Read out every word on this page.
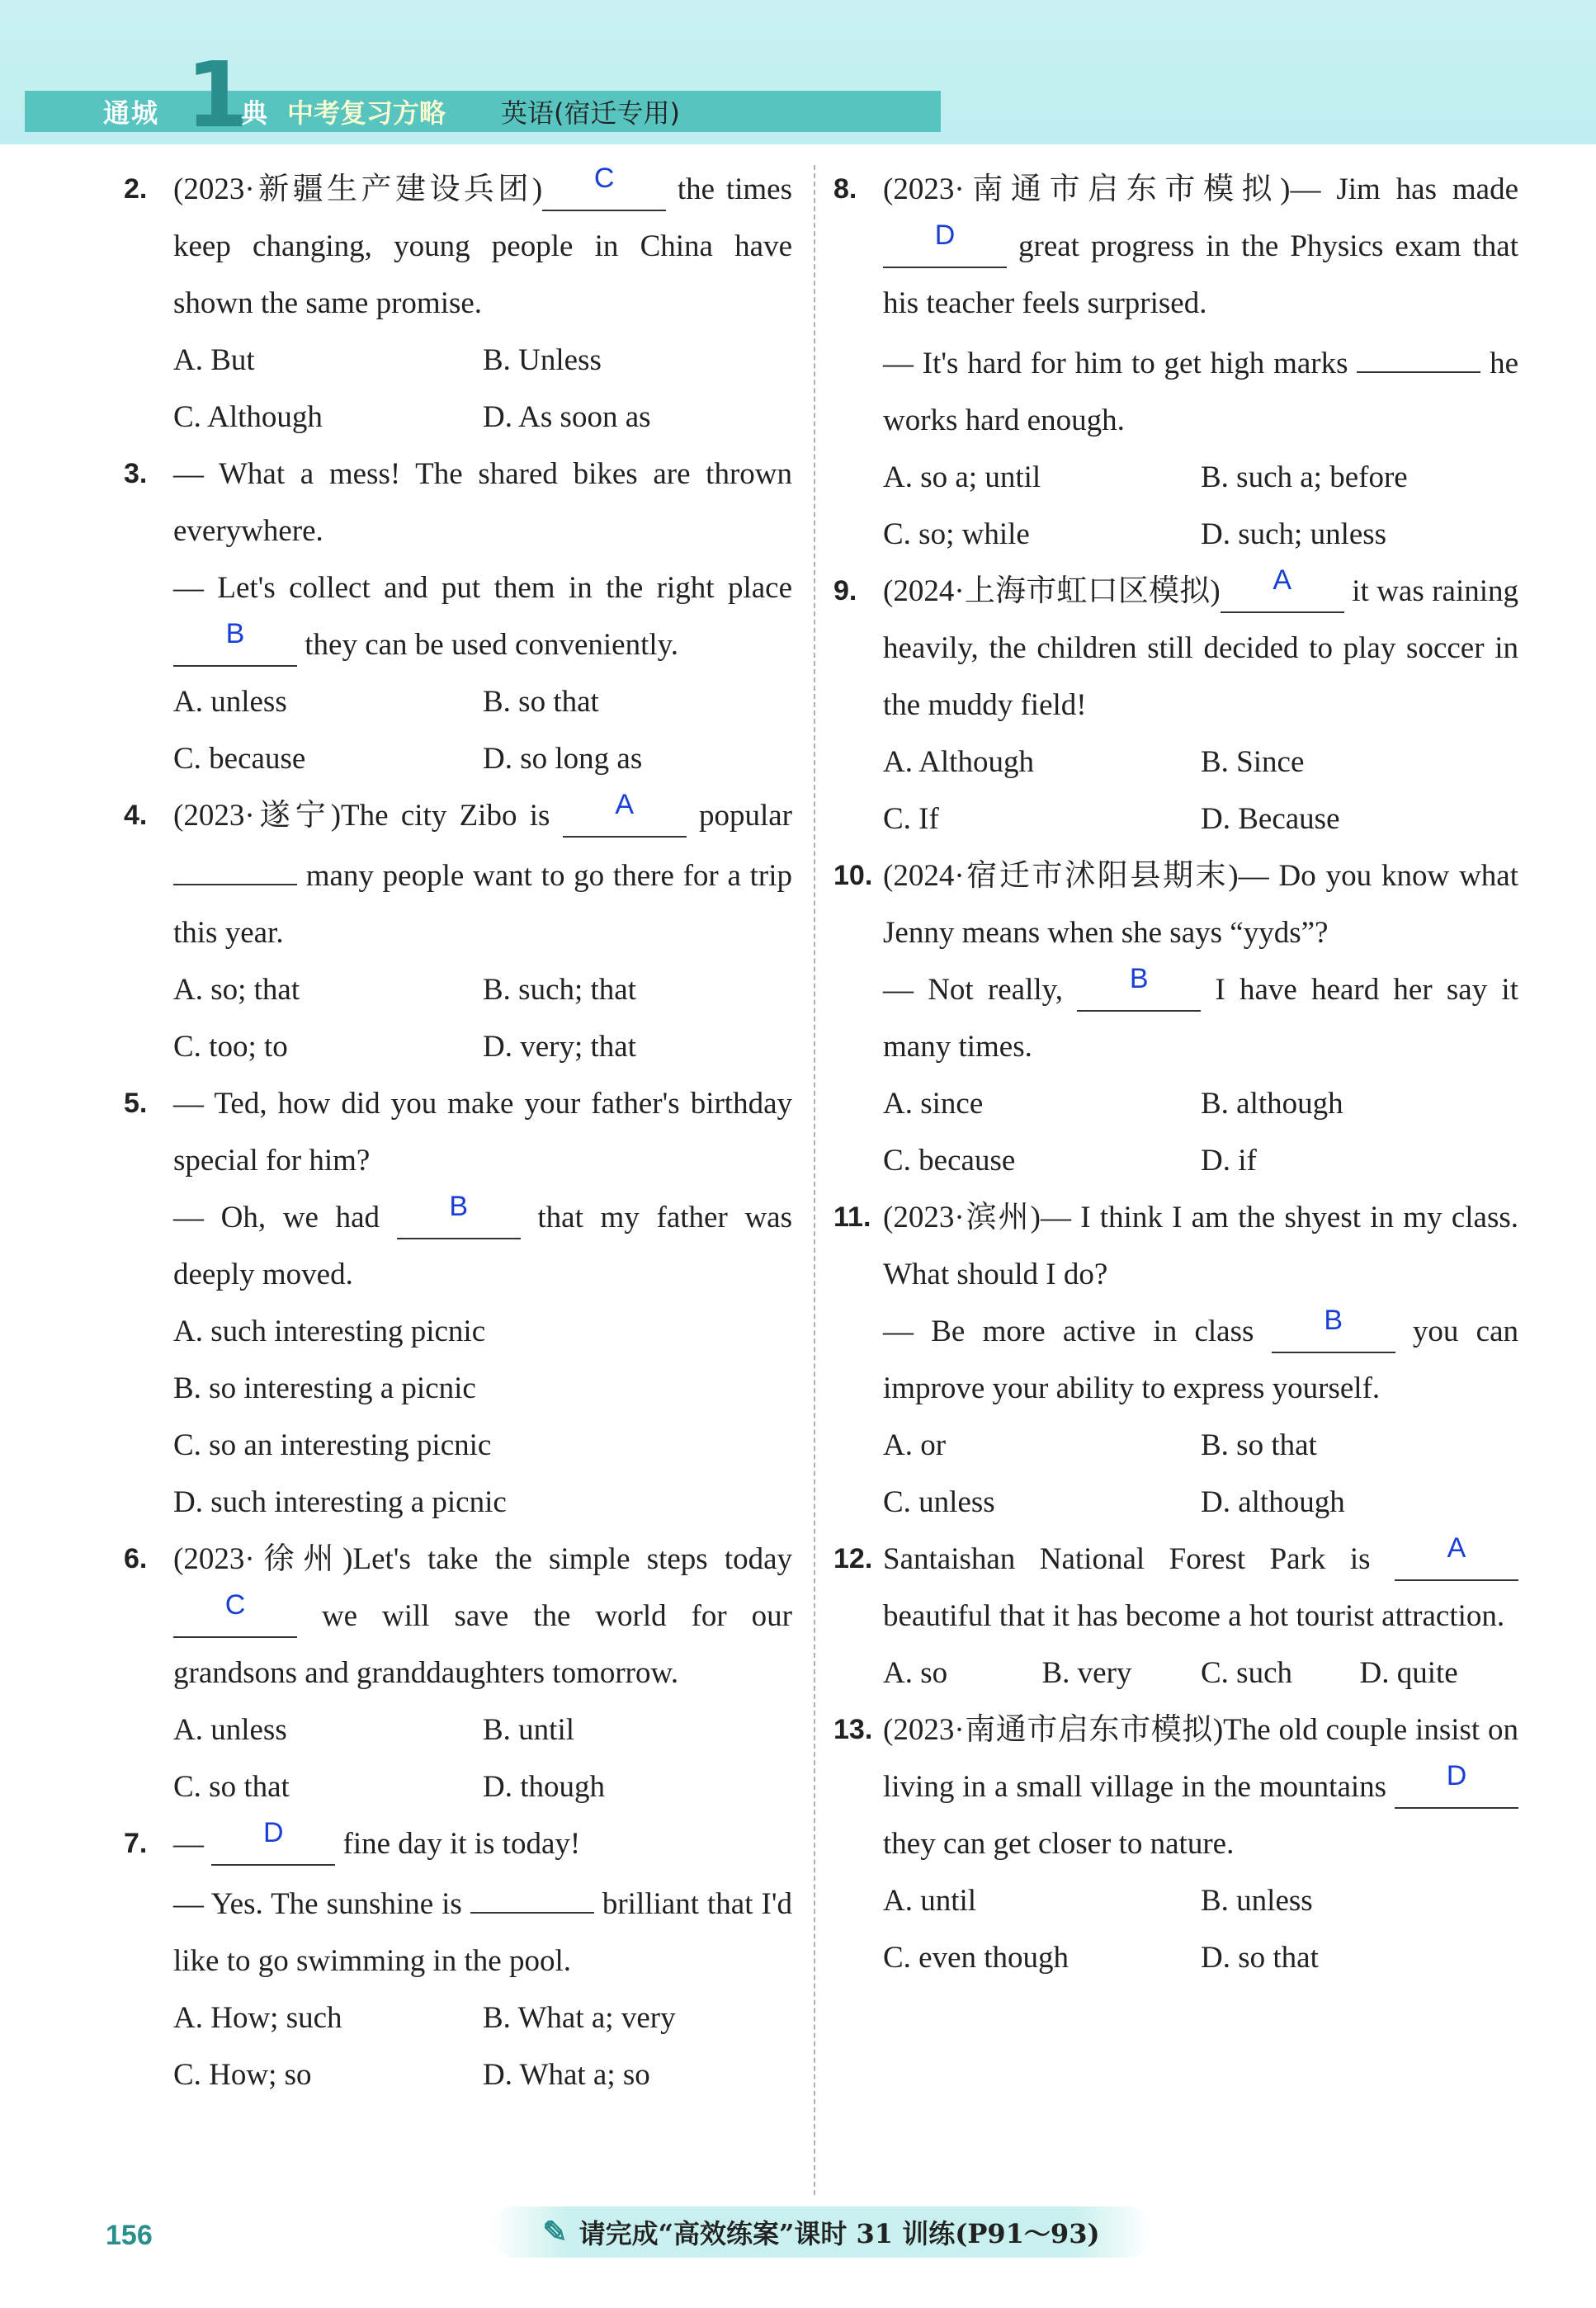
通城 1
典 中考复习方略 英语(宿迁专用)
2. (2023·新疆生产建设兵团) C the times keep changing, young people in China have shown the same promise.
A. But	B. Unless
C. Although	D. As soon as
3. — What a mess! The shared bikes are thrown everywhere.
— Let's collect and put them in the right place B they can be used conveniently.
A. unless	B. so that
C. because	D. so long as
4. (2023·遂宁)The city Zibo is A popular  many people want to go there for a trip this year.
A. so; that	B. such; that
C. too; to	D. very; that
5. — Ted, how did you make your father's birthday special for him?
— Oh, we had B that my father was deeply moved.
A. such interesting picnic
B. so interesting a picnic
C. so an interesting picnic
D. such interesting a picnic
6. (2023·徐州)Let's take the simple steps today C	we will save the world for our grandsons and granddaughters tomorrow.
A. unless	B. until
C. so that	D. though
7. — D fine day it is today!
— Yes. The sunshine is	brilliant that I'd like to go swimming in the pool.
A. How; such	B. What a; very
C. How; so	D. What a; so
8. (2023·南通市启东市模拟)— Jim has made D great progress in the Physics exam that his teacher feels surprised.
— It's hard for him to get high marks	he works hard enough.
A. so a; until	B. such a; before
C. so; while	D. such; unless
9. (2024·上海市虹口区模拟) A it was raining heavily, the children still decided to play soccer in the muddy field!
A. Although	B. Since
C. If	D. Because
10. (2024·宿迁市沭阳县期末)— Do you know what Jenny means when she says “yyds”?
— Not really, B I have heard her say it many times.
A. since	B. although
C. because	D. if
11. (2023·滨州)— I think I am the shyest in my class. What should I do?
— Be more active in class B you can improve your ability to express yourself.
A. or	B. so that
C. unless	D. although
12. Santaishan National Forest Park is	A beautiful that it has become a hot tourist attraction.
A. so	B. very	C. such	D. quite
13. (2023·南通市启东市模拟)The old couple insist on living in a small village in the mountains D they can get closer to nature.
A. until	B. unless
C. even though	D. so that
156	✎ 请完成“高效练案”课时 31 训练(P91～93)
